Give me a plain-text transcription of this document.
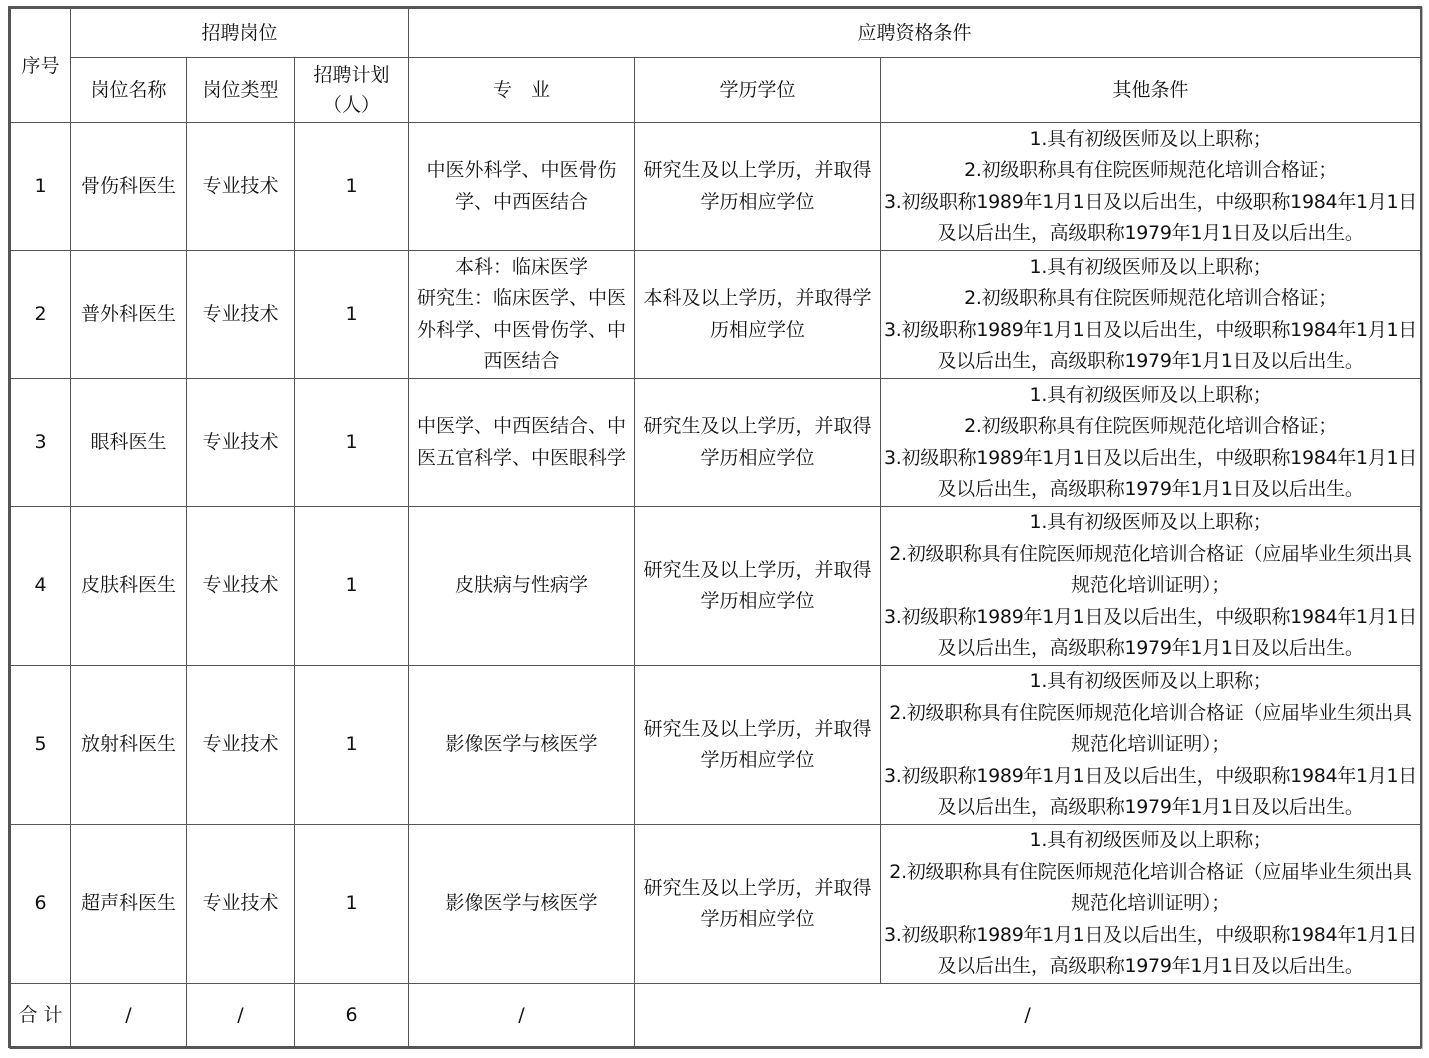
序号	招聘岗位			应聘资格条件		
	岗位名称	岗位类型	招聘计划
（人）	专　业	学历学位	其他条件
1	骨伤科医生	专业技术	1	中医外科学、中医骨伤
学、中西医结合	研究生及以上学历，并取得
学历相应学位	1.具有初级医师及以上职称；
2.初级职称具有住院医师规范化培训合格证；
3.初级职称1989年1月1日及以后出生，中级职称1984年1月1日
及以后出生，高级职称1979年1月1日及以后出生。

2	普外科医生	专业技术	1	本科：临床医学
研究生：临床医学、中医
外科学、中医骨伤学、中
西医结合	本科及以上学历，并取得学
历相应学位	1.具有初级医师及以上职称；
2.初级职称具有住院医师规范化培训合格证；
3.初级职称1989年1月1日及以后出生，中级职称1984年1月1日
及以后出生，高级职称1979年1月1日及以后出生。

3	眼科医生	专业技术	1	中医学、中西医结合、中
医五官科学、中医眼科学	研究生及以上学历，并取得
学历相应学位	1.具有初级医师及以上职称；
2.初级职称具有住院医师规范化培训合格证；
3.初级职称1989年1月1日及以后出生，中级职称1984年1月1日
及以后出生，高级职称1979年1月1日及以后出生。

4	皮肤科医生	专业技术	1	皮肤病与性病学	研究生及以上学历，并取得
学历相应学位	1.具有初级医师及以上职称；
2.初级职称具有住院医师规范化培训合格证（应届毕业生须出具
规范化培训证明）；
3.初级职称1989年1月1日及以后出生，中级职称1984年1月1日
及以后出生，高级职称1979年1月1日及以后出生。

5	放射科医生	专业技术	1	影像医学与核医学	研究生及以上学历，并取得
学历相应学位	1.具有初级医师及以上职称；
2.初级职称具有住院医师规范化培训合格证（应届毕业生须出具
规范化培训证明）；
3.初级职称1989年1月1日及以后出生，中级职称1984年1月1日
及以后出生，高级职称1979年1月1日及以后出生。

6	超声科医生	专业技术	1	影像医学与核医学	研究生及以上学历，并取得
学历相应学位	1.具有初级医师及以上职称；
2.初级职称具有住院医师规范化培训合格证（应届毕业生须出具
规范化培训证明）；
3.初级职称1989年1月1日及以后出生，中级职称1984年1月1日
及以后出生，高级职称1979年1月1日及以后出生。

合 计	/	/	6	/	/	
